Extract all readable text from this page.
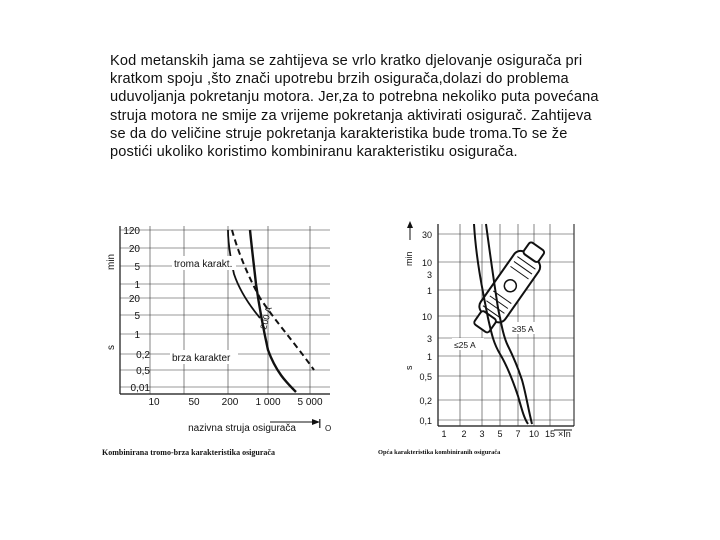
Kod metanskih jama se zahtijeva se vrlo kratko djelovanje osigurača pri kratkom spoju ,što znači upotrebu brzih osigurača,dolazi do problema uduvoljanja pokretanju motora. Jer,za to potrebna nekoliko puta povećana struja motora ne smije za vrijeme pokretanja aktivirati osigurač. Zahtijeva se da do veličine struje pokretanja karakteristika bude troma.To se že postići ukoliko koristimo kombiniranu karakteristiku osigurača.

120
20
5
1
20
5
1
0,2
0,5
0,01
min
s
10	50 200 1 000 5 000
nazivna struja osigurača I O
troma karakt.
brza karakter
200 A
Kombinirana tromo-brza karakteristika osigurača
30
10
3
1
10
3
1
0,5
0,2
0,1
min
s
1 2 3 5 7 10 15 ×In
≥35 A
≤25 A
Opća karakteristika kombiniranih osigurača
